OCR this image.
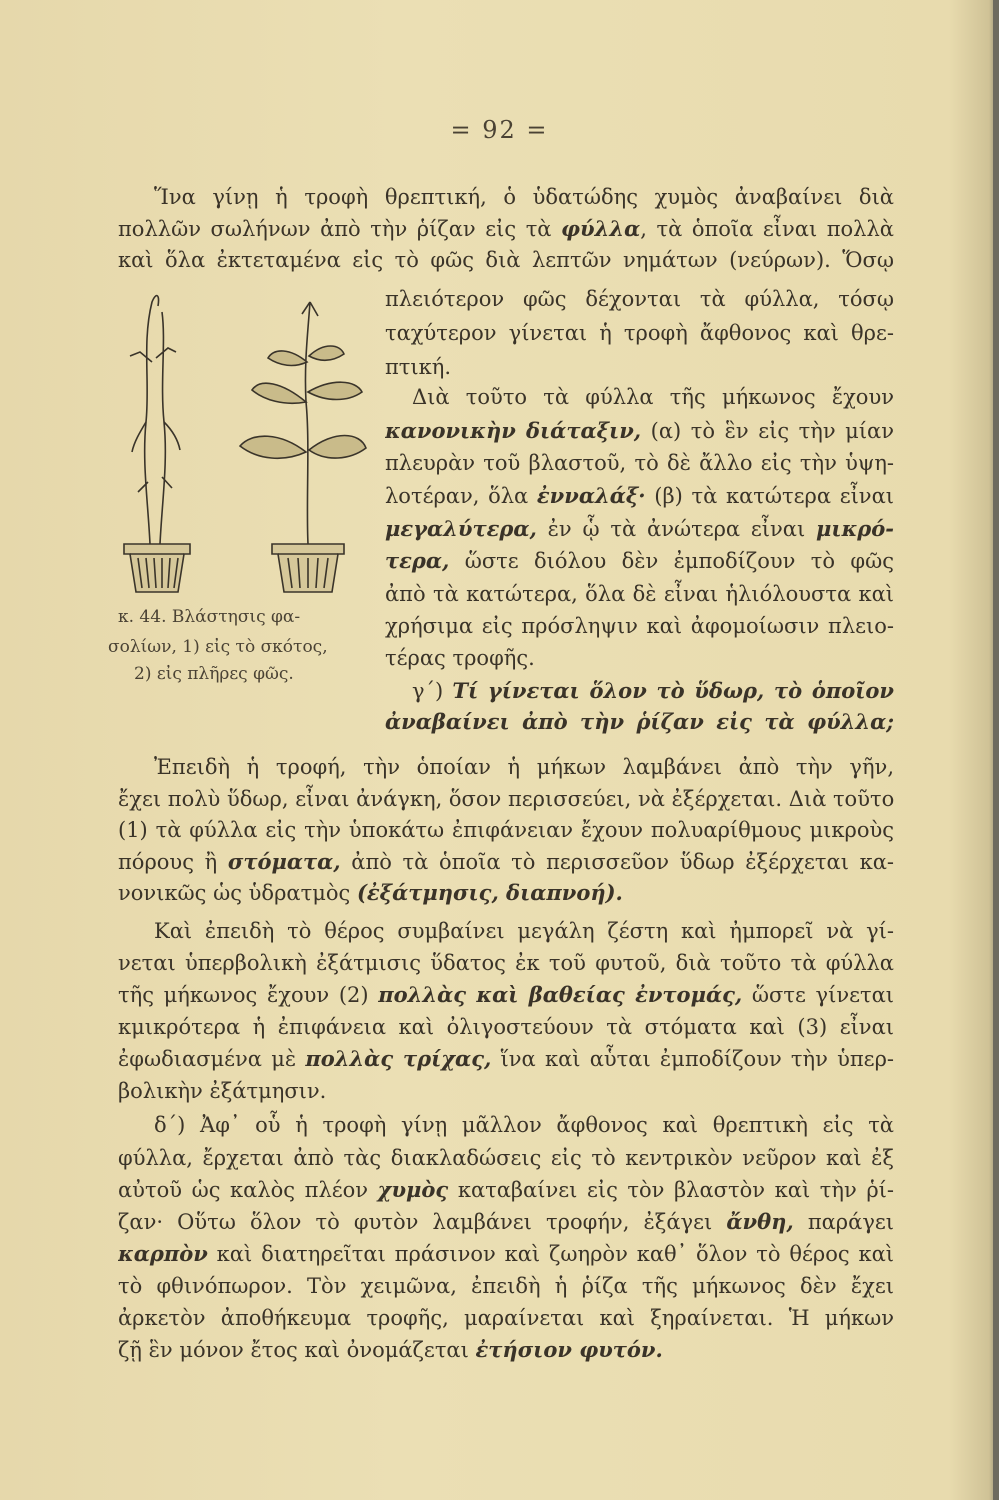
= 92 =
Ἵνα γίνῃ ἡ τροφὴ θρεπτική, ὁ ὑδατώδης χυμὸς ἀναβαίνει διὰ
πολλῶν σωλήνων ἀπὸ τὴν ῥίζαν εἰς τὰ φύλλα, τὰ ὁποῖα εἶναι πολλὰ
καὶ ὅλα ἐκτεταμένα εἰς τὸ φῶς διὰ λεπτῶν νημάτων (νεύρων). Ὅσῳ
πλειότερον φῶς δέχονται τὰ φύλλα, τόσῳ
ταχύτερον γίνεται ἡ τροφὴ ἄφθονος καὶ θρε-
πτική.
Διὰ τοῦτο τὰ φύλλα τῆς μήκωνος ἔχουν
κανονικὴν διάταξιν, (α) τὸ ἓν εἰς τὴν μίαν
πλευρὰν τοῦ βλαστοῦ, τὸ δὲ ἄλλο εἰς τὴν ὑψη-
λοτέραν, ὅλα ἐνναλάξ· (β) τὰ κατώτερα εἶναι
μεγαλύτερα, ἐν ᾧ τὰ ἀνώτερα εἶναι μικρό-
τερα, ὥστε διόλου δὲν ἐμποδίζουν τὸ φῶς
ἀπὸ τὰ κατώτερα, ὅλα δὲ εἶναι ἡλιόλουστα καὶ
χρήσιμα εἰς πρόσληψιν καὶ ἀφομοίωσιν πλειο-
τέρας τροφῆς.
γ΄) Τί γίνεται ὅλον τὸ ὕδωρ, τὸ ὁποῖον
ἀναβαίνει ἀπὸ τὴν ῥίζαν εἰς τὰ φύλλα;
κ. 44. Βλάστησις φα-
σολίων, 1) εἰς τὸ σκότος,
2) εἰς πλῆρες φῶς.
Ἐπειδὴ ἡ τροφή, τὴν ὁποίαν ἡ μήκων λαμβάνει ἀπὸ τὴν γῆν,
ἔχει πολὺ ὕδωρ, εἶναι ἀνάγκη, ὅσον περισσεύει, νὰ ἐξέρχεται. Διὰ τοῦτο
(1) τὰ φύλλα εἰς τὴν ὑποκάτω ἐπιφάνειαν ἔχουν πολυαρίθμους μικροὺς
πόρους ἢ στόματα, ἀπὸ τὰ ὁποῖα τὸ περισσεῦον ὕδωρ ἐξέρχεται κα-
νονικῶς ὡς ὑδρατμὸς (ἐξάτμησις, διαπνοή).
Καὶ ἐπειδὴ τὸ θέρος συμβαίνει μεγάλη ζέστη καὶ ἠμπορεῖ νὰ γί-
νεται ὑπερβολικὴ ἐξάτμισις ὕδατος ἐκ τοῦ φυτοῦ, διὰ τοῦτο τὰ φύλλα
τῆς μήκωνος ἔχουν (2) πολλὰς καὶ βαθείας ἐντομάς, ὥστε γίνεται
κμικρότερα ἡ ἐπιφάνεια καὶ ὀλιγοστεύουν τὰ στόματα καὶ (3) εἶναι
ἐφωδιασμένα μὲ πολλὰς τρίχας, ἵνα καὶ αὗται ἐμποδίζουν τὴν ὑπερ-
βολικὴν ἐξάτμησιν.
δ΄) Ἀφ᾿ οὗ ἡ τροφὴ γίνῃ μᾶλλον ἄφθονος καὶ θρεπτικὴ εἰς τὰ
φύλλα, ἔρχεται ἀπὸ τὰς διακλαδώσεις εἰς τὸ κεντρικὸν νεῦρον καὶ ἐξ
αὐτοῦ ὡς καλὸς πλέον χυμὸς καταβαίνει εἰς τὸν βλαστὸν καὶ τὴν ῥί-
ζαν· Οὕτω ὅλον τὸ φυτὸν λαμβάνει τροφήν, ἐξάγει ἄνθη, παράγει
καρπὸν καὶ διατηρεῖται πράσινον καὶ ζωηρὸν καθ᾿ ὅλον τὸ θέρος καὶ
τὸ φθινόπωρον. Τὸν χειμῶνα, ἐπειδὴ ἡ ῥίζα τῆς μήκωνος δὲν ἔχει
ἀρκετὸν ἀποθήκευμα τροφῆς, μαραίνεται καὶ ξηραίνεται. Ἡ μήκων
ζῇ ἓν μόνον ἔτος καὶ ὀνομάζεται ἐτήσιον φυτόν.
